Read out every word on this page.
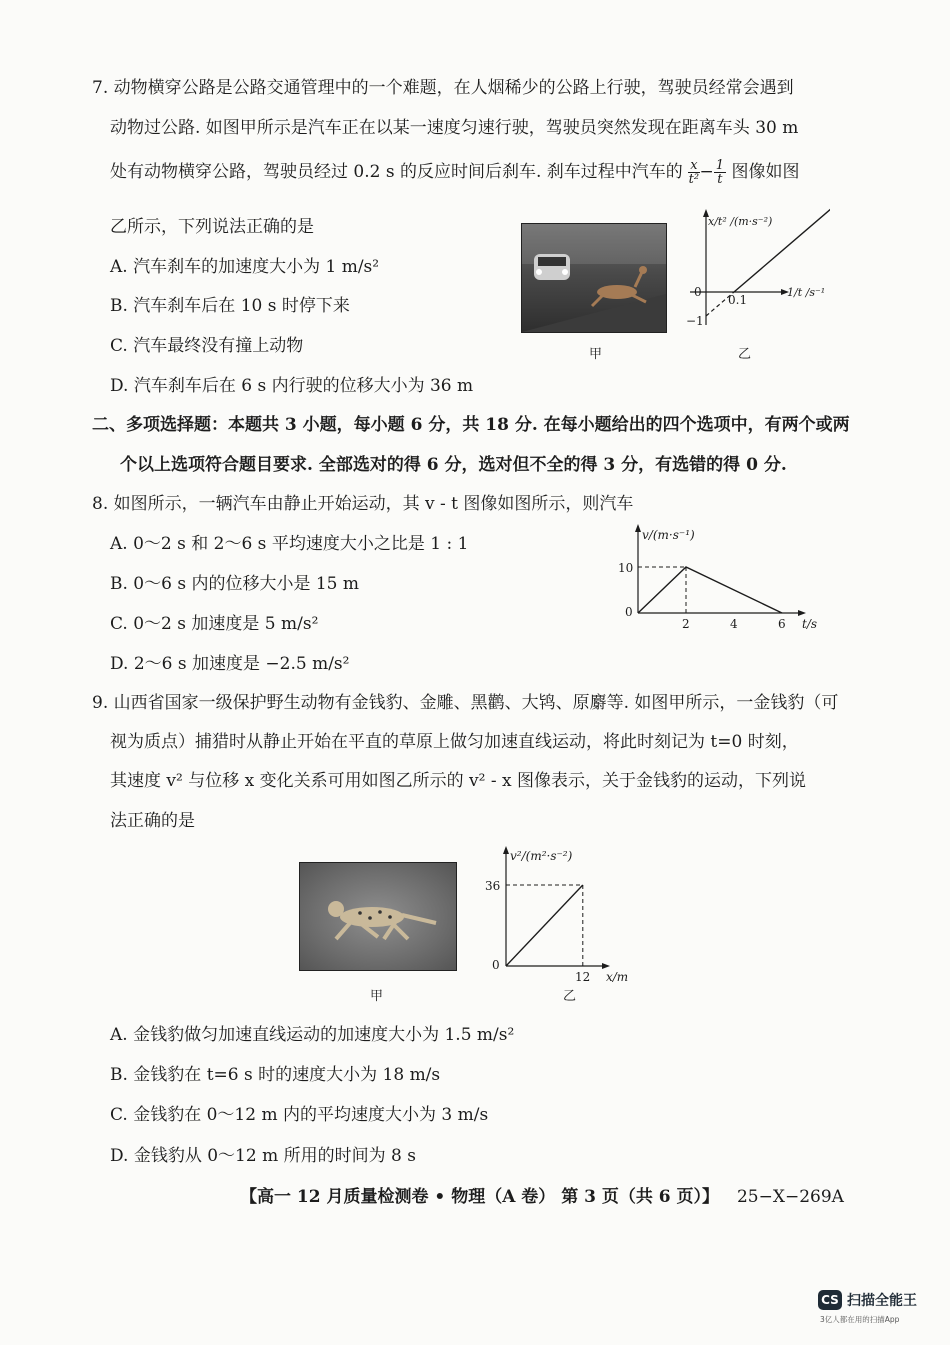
7. 动物横穿公路是公路交通管理中的一个难题，在人烟稀少的公路上行驶，驾驶员经常会遇到
动物过公路. 如图甲所示是汽车正在以某一速度匀速行驶，驾驶员突然发现在距离车头 30 m
处有动物横穿公路，驾驶员经过 0.2 s 的反应时间后刹车. 刹车过程中汽车的 $\frac{x}{\text{t²}} - \frac{1}{t}$ 图像如图
乙所示，下列说法正确的是
A. 汽车刹车的加速度大小为 1 m/s²
B. 汽车刹车后在 10 s 时停下来
C. 汽车最终没有撞上动物
D. 汽车刹车后在 6 s 内行驶的位移大小为 36 m
甲
x/t² /(m·s⁻²)
1/t /s⁻¹
0
0.1
−1
乙
二、多项选择题：本题共 3 小题，每小题 6 分，共 18 分. 在每小题给出的四个选项中，有两个或两
个以上选项符合题目要求. 全部选对的得 6 分，选对但不全的得 3 分，有选错的得 0 分.
8. 如图所示，一辆汽车由静止开始运动，其 v - t 图像如图所示，则汽车
A. 0～2 s 和 2～6 s 平均速度大小之比是 1 : 1
B. 0～6 s 内的位移大小是 15 m
C. 0～2 s 加速度是 5 m/s²
D. 2～6 s 加速度是 −2.5 m/s²
v/(m·s⁻¹)
t/s
10
0
2	4	6
9. 山西省国家一级保护野生动物有金钱豹、金雕、黑鹳、大鸨、原麝等. 如图甲所示，一金钱豹（可
视为质点）捕猎时从静止开始在平直的草原上做匀加速直线运动，将此时刻记为 t=0 时刻，
其速度 v² 与位移 x 变化关系可用如图乙所示的 v² - x 图像表示，关于金钱豹的运动，下列说
法正确的是
甲
v²/(m²·s⁻²)
x/m
36
0
12
乙
A. 金钱豹做匀加速直线运动的加速度大小为 1.5 m/s²
B. 金钱豹在 t=6 s 时的速度大小为 18 m/s
C. 金钱豹在 0～12 m 内的平均速度大小为 3 m/s
D. 金钱豹从 0～12 m 所用的时间为 8 s
【高一 12 月质量检测卷 • 物理（A 卷） 第 3 页（共 6 页）】 25−X−269A
CS 扫描全能王
3亿人都在用的扫描App
